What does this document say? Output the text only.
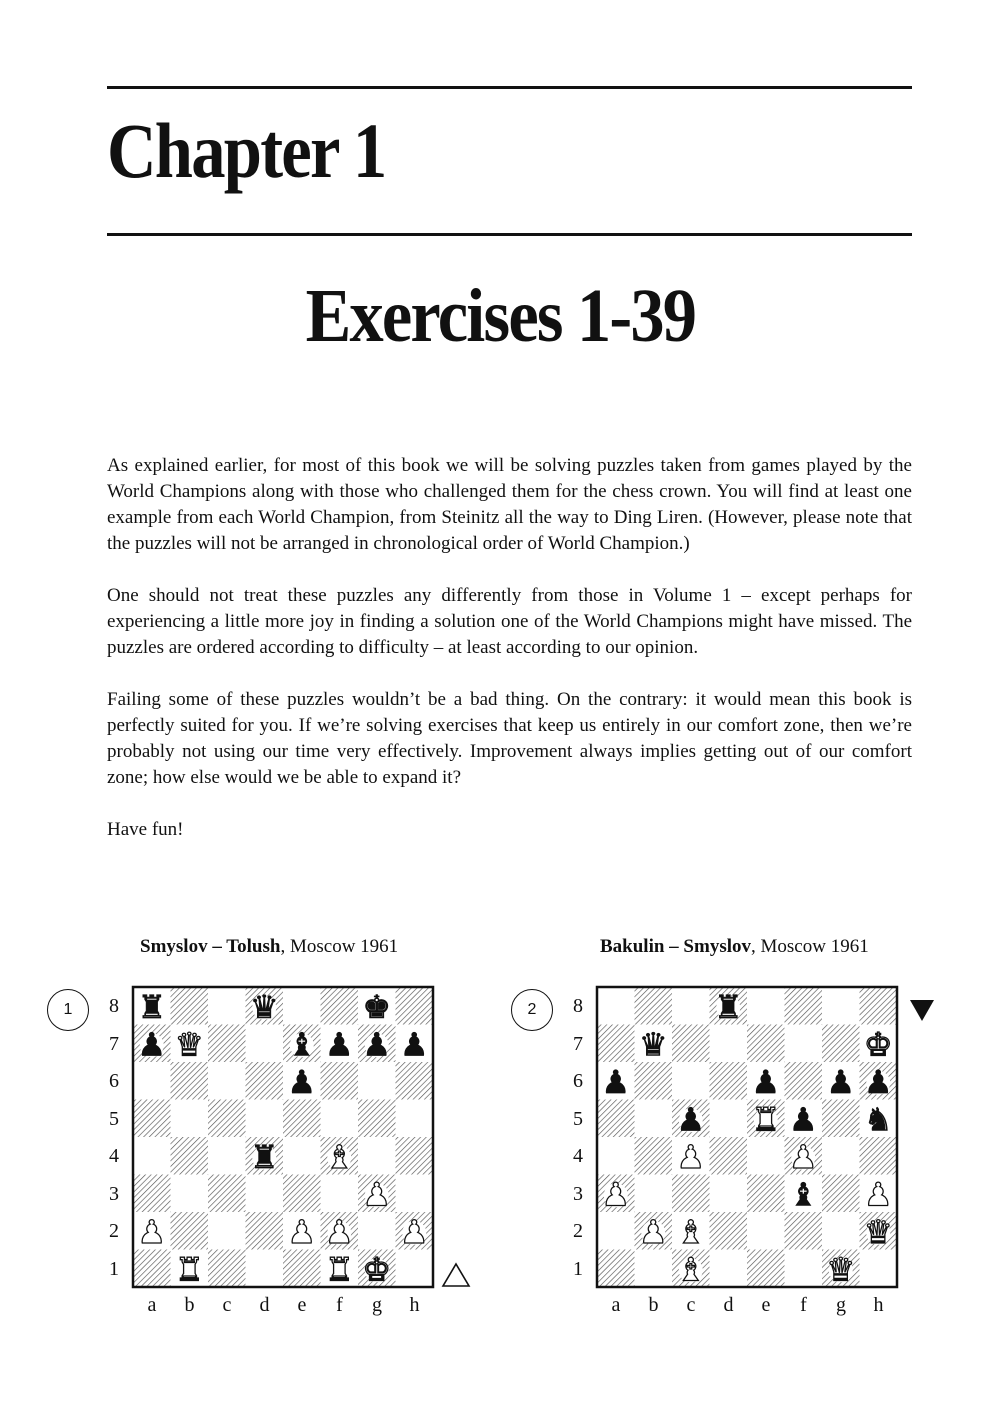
Chapter 1
Exercises 1-39

As explained earlier, for most of this book we will be solving puzzles taken from games played by the World Champions along with those who challenged them for the chess crown. You will find at least one example from each World Champion, from Steinitz all the way to Ding Liren. (However, please note that the puzzles will not be arranged in chronological order of World Champion.)

One should not treat these puzzles any differently from those in Volume 1 – except perhaps for experiencing a little more joy in finding a solution one of the World Champions might have missed. The puzzles are ordered according to difficulty – at least according to our opinion.

Failing some of these puzzles wouldn’t be a bad thing. On the contrary: it would mean this book is perfectly suited for you. If we’re solving exercises that keep us entirely in our comfort zone, then we’re probably not using our time very effectively. Improvement always implies getting out of our comfort zone; how else would we be able to expand it?

Have fun!

Smyslov – Tolush, Moscow 1961
1	♜	♛	♚
♟ ♛	♝ ♟ ♟ ♟
♟
♜ ♝
♟
♟	♟ ♟ ♟
♜	♜ ♚
8
7
6
5
4
3
2
1
a b c d e	f	g h
Bakulin – Smyslov, Moscow 1961
2	♜
♛	♚
♟	♟ ♟ ♟
♟ ♜ ♟ ♞
♟	♟
♟	♝ ♟
♟ ♝	♛
♝	♛
8
7
6
5
4
3
2
1
a b c d e	f	g h
